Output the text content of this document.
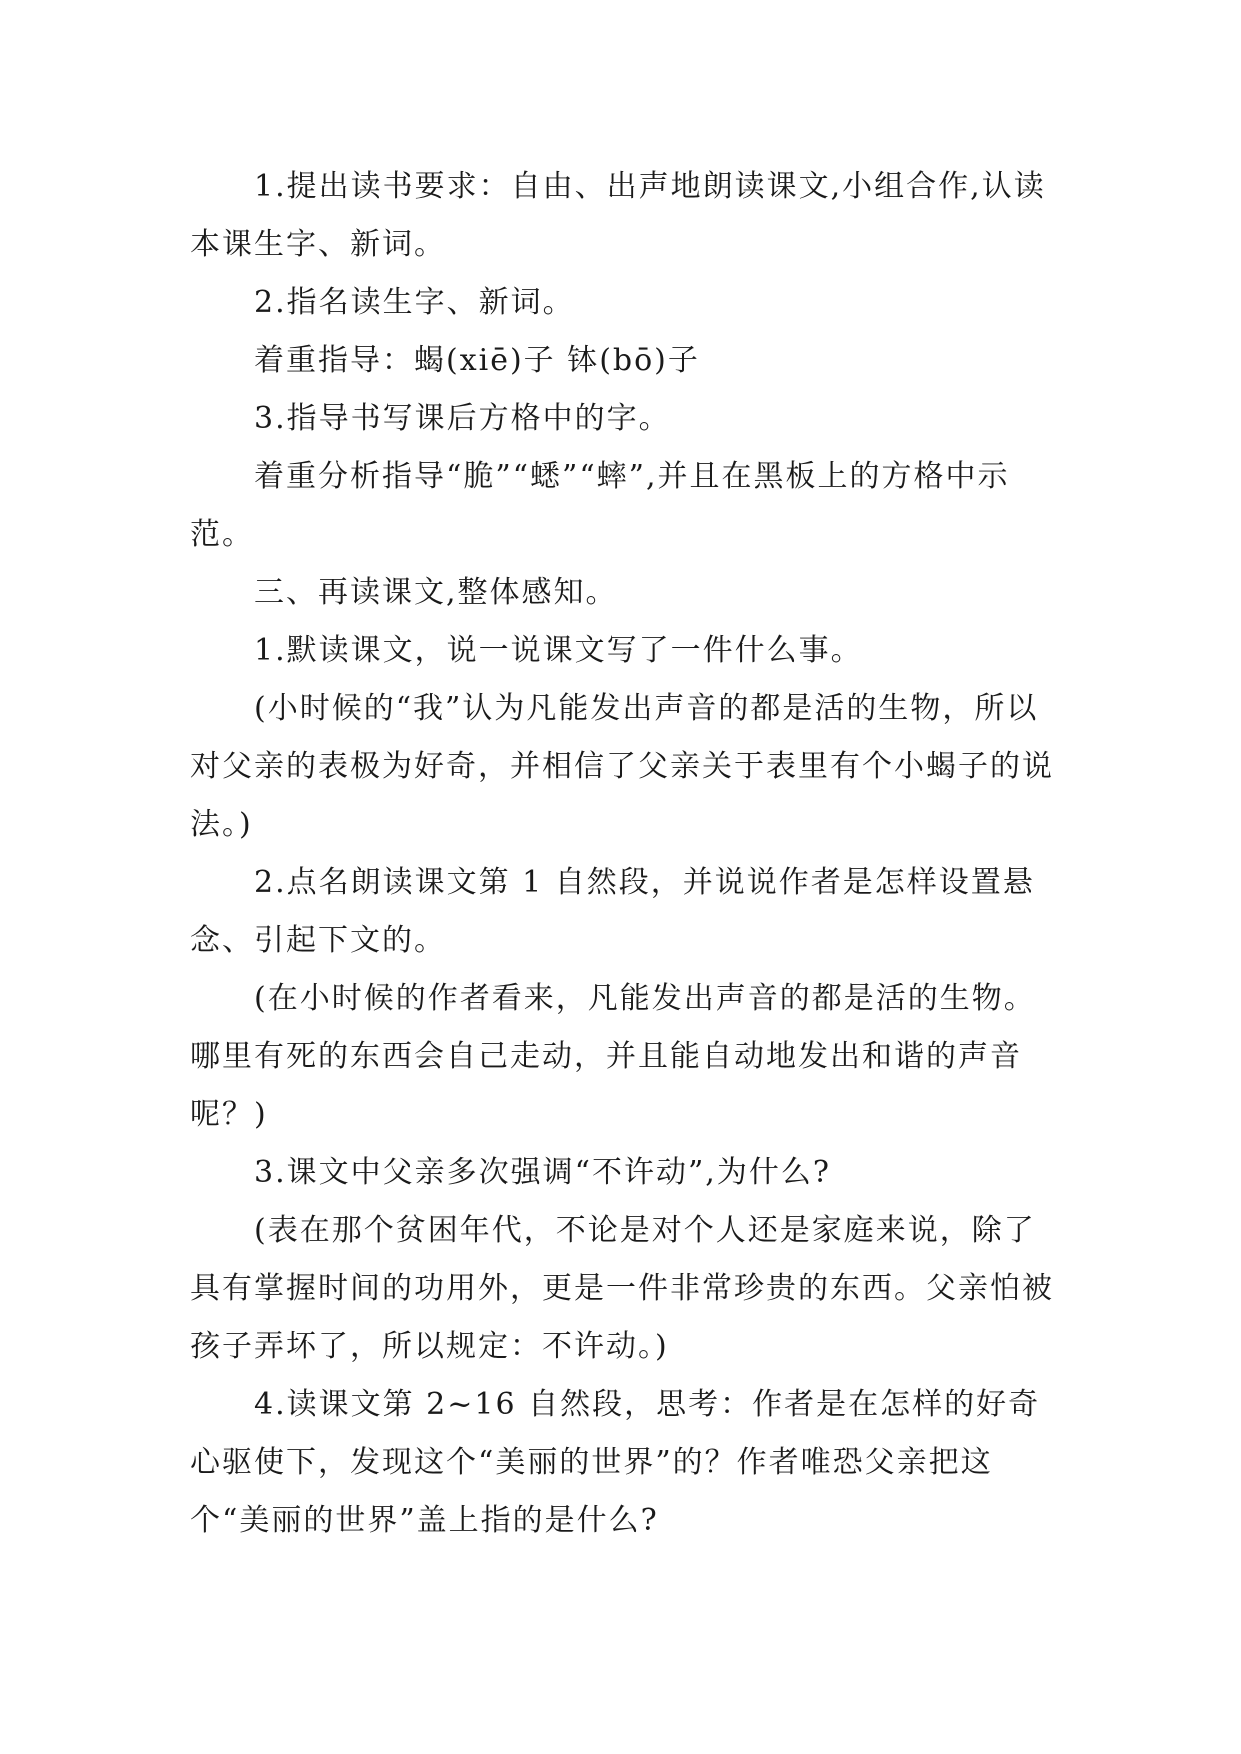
1.提出读书要求：自由、出声地朗读课文,小组合作,认读本课生字、新词。

2.指名读生字、新词。

着重指导：蝎(xiē)子 钵(bō)子

3.指导书写课后方格中的字。

着重分析指导“脆”“蟋”“蟀”,并且在黑板上的方格中示范。

三、再读课文,整体感知。

1.默读课文，说一说课文写了一件什么事。

(小时候的“我”认为凡能发出声音的都是活的生物，所以对父亲的表极为好奇，并相信了父亲关于表里有个小蝎子的说法。)

2.点名朗读课文第 1 自然段，并说说作者是怎样设置悬念、引起下文的。

(在小时候的作者看来，凡能发出声音的都是活的生物。哪里有死的东西会自己走动，并且能自动地发出和谐的声音呢？)

3.课文中父亲多次强调“不许动”,为什么?

(表在那个贫困年代，不论是对个人还是家庭来说，除了具有掌握时间的功用外，更是一件非常珍贵的东西。父亲怕被孩子弄坏了，所以规定：不许动。)

4.读课文第 2~16 自然段，思考：作者是在怎样的好奇心驱使下，发现这个“美丽的世界”的？作者唯恐父亲把这个“美丽的世界”盖上指的是什么?
